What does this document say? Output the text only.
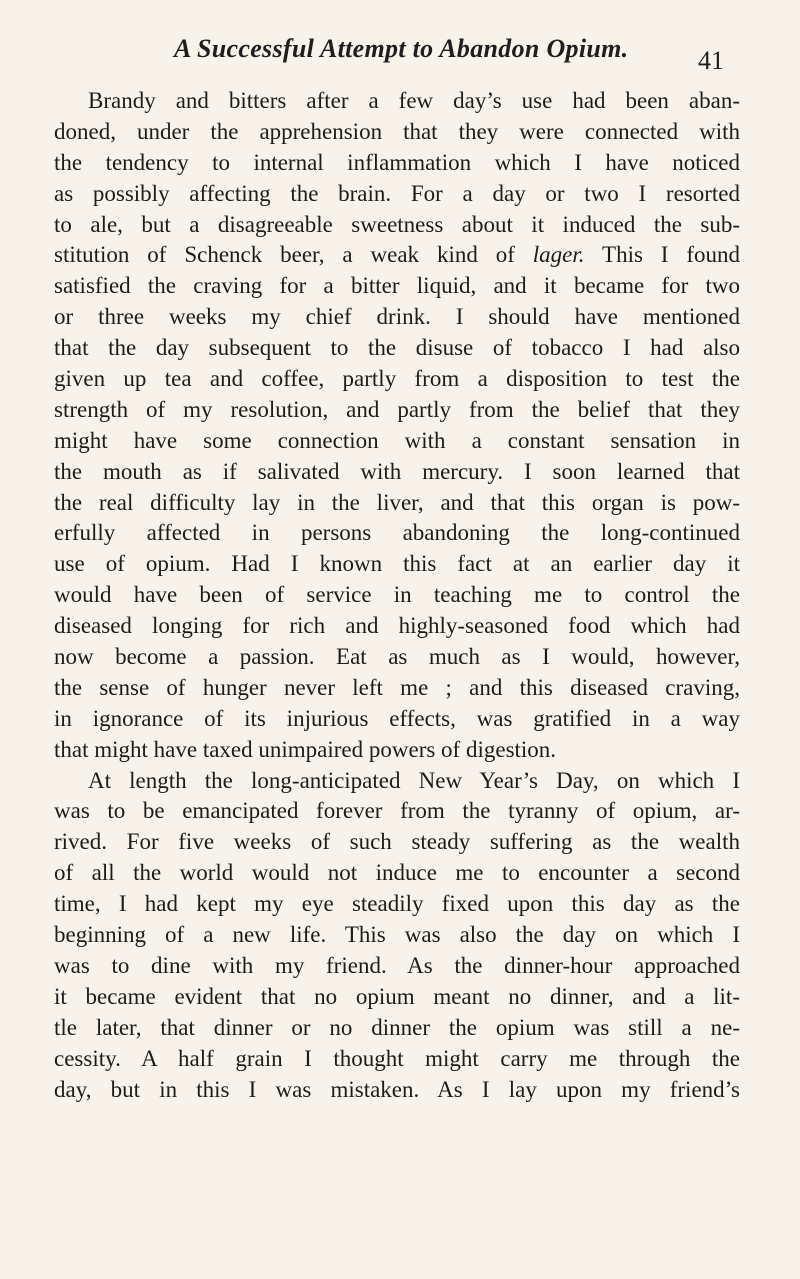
A Successful Attempt to Abandon Opium.	41
Brandy and bitters after a few day’s use had been aban-
doned, under the apprehension that they were connected with
the tendency to internal inflammation which I have noticed
as possibly affecting the brain. For a day or two I resorted
to ale, but a disagreeable sweetness about it induced the sub-
stitution of Schenck beer, a weak kind of lager. This I found
satisfied the craving for a bitter liquid, and it became for two
or three weeks my chief drink. I should have mentioned
that the day subsequent to the disuse of tobacco I had also
given up tea and coffee, partly from a disposition to test the
strength of my resolution, and partly from the belief that they
might have some connection with a constant sensation in
the mouth as if salivated with mercury. I soon learned that
the real difficulty lay in the liver, and that this organ is pow-
erfully affected in persons abandoning the long-continued
use of opium. Had I known this fact at an earlier day it
would have been of service in teaching me to control the
diseased longing for rich and highly-seasoned food which had
now become a passion. Eat as much as I would, however,
the sense of hunger never left me ; and this diseased craving,
in ignorance of its injurious effects, was gratified in a way
that might have taxed unimpaired powers of digestion.
At length the long-anticipated New Year’s Day, on which I
was to be emancipated forever from the tyranny of opium, ar-
rived. For five weeks of such steady suffering as the wealth
of all the world would not induce me to encounter a second
time, I had kept my eye steadily fixed upon this day as the
beginning of a new life. This was also the day on which I
was to dine with my friend. As the dinner-hour approached
it became evident that no opium meant no dinner, and a lit-
tle later, that dinner or no dinner the opium was still a ne-
cessity. A half grain I thought might carry me through the
day, but in this I was mistaken. As I lay upon my friend’s
